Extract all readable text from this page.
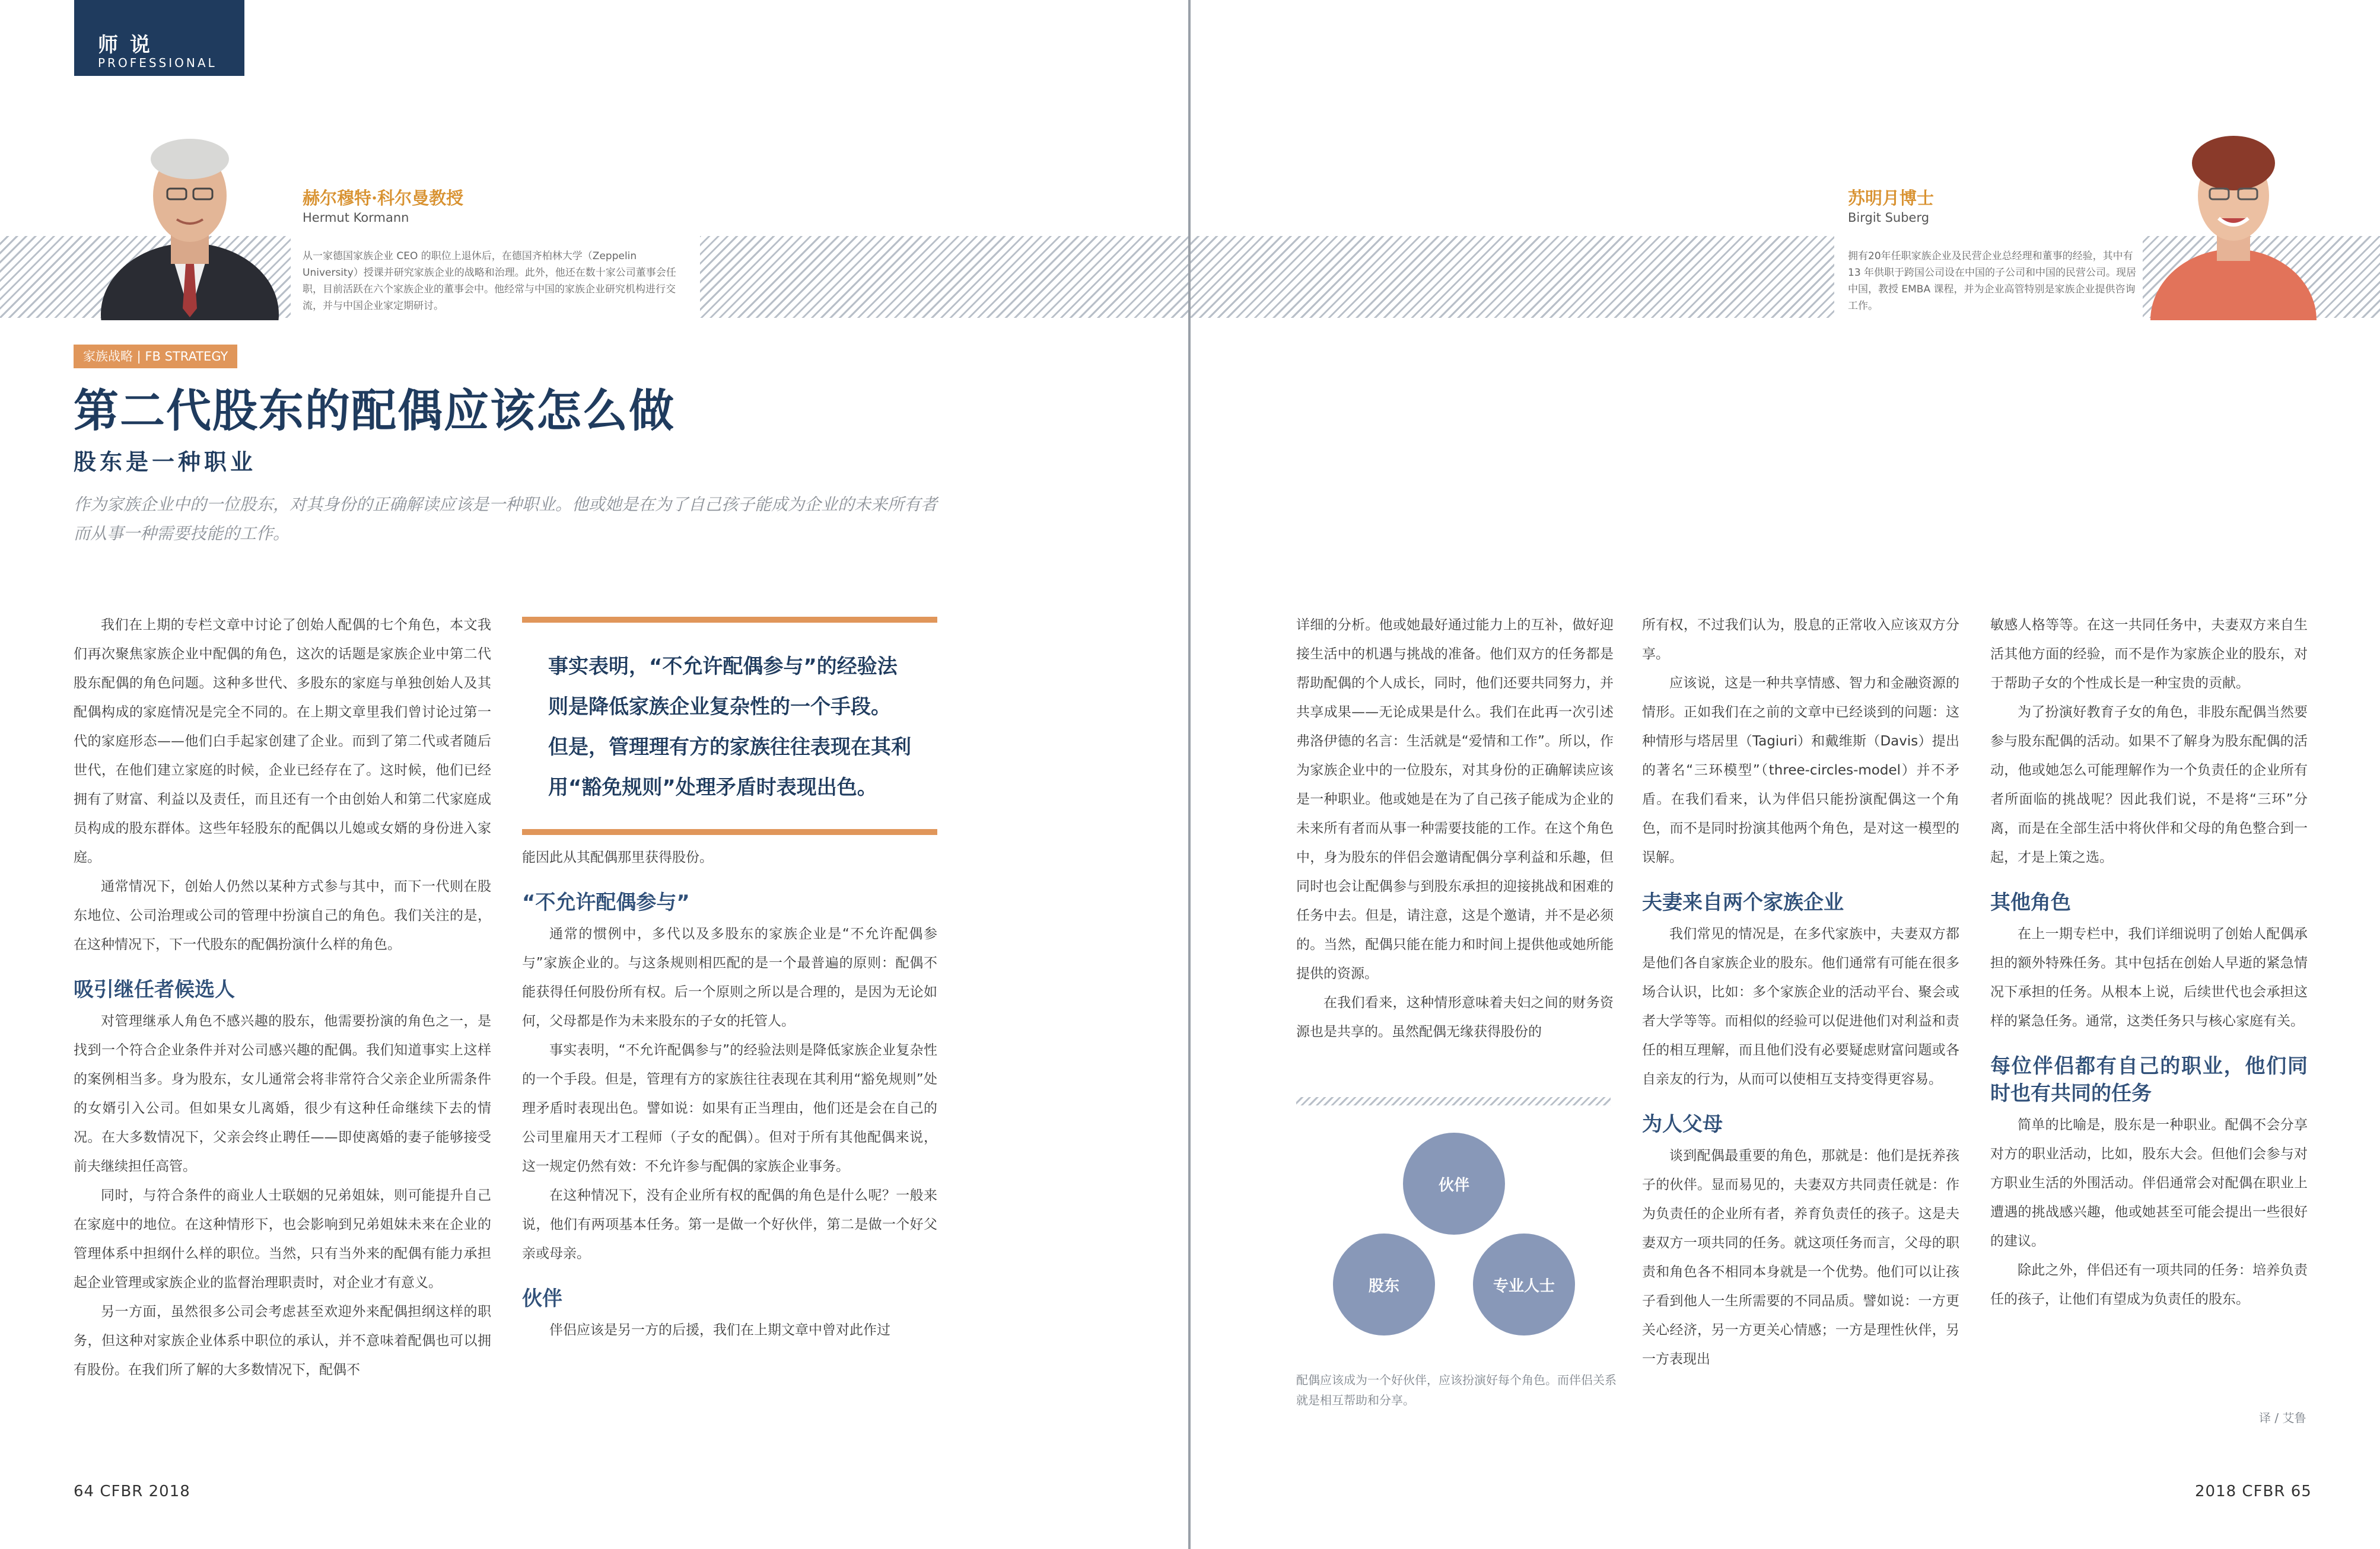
师 说
PROFESSIONAL
赫尔穆特·科尔曼教授
Hermut Kormann
从一家德国家族企业 CEO 的职位上退休后，在德国齐柏林大学（Zeppelin University）授课并研究家族企业的战略和治理。此外，他还在数十家公司董事会任职，目前活跃在六个家族企业的董事会中。他经常与中国的家族企业研究机构进行交流，并与中国企业家定期研讨。
苏明月博士
Birgit Suberg
拥有20年任职家族企业及民营企业总经理和董事的经验，其中有 13 年供职于跨国公司设在中国的子公司和中国的民营公司。现居中国，教授 EMBA 课程，并为企业高管特别是家族企业提供咨询工作。
家族战略 | FB STRATEGY
第二代股东的配偶应该怎么做
股东是一种职业
作为家族企业中的一位股东，对其身份的正确解读应该是一种职业。他或她是在为了自己孩子能成为企业的未来所有者而从事一种需要技能的工作。

我们在上期的专栏文章中讨论了创始人配偶的七个角色，本文我们再次聚焦家族企业中配偶的角色，这次的话题是家族企业中第二代股东配偶的角色问题。这种多世代、多股东的家庭与单独创始人及其配偶构成的家庭情况是完全不同的。在上期文章里我们曾讨论过第一代的家庭形态——他们白手起家创建了企业。而到了第二代或者随后世代，在他们建立家庭的时候，企业已经存在了。这时候，他们已经拥有了财富、利益以及责任，而且还有一个由创始人和第二代家庭成员构成的股东群体。这些年轻股东的配偶以儿媳或女婿的身份进入家庭。

通常情况下，创始人仍然以某种方式参与其中，而下一代则在股东地位、公司治理或公司的管理中扮演自己的角色。我们关注的是，在这种情况下，下一代股东的配偶扮演什么样的角色。

吸引继任者候选人

对管理继承人角色不感兴趣的股东，他需要扮演的角色之一，是找到一个符合企业条件并对公司感兴趣的配偶。我们知道事实上这样的案例相当多。身为股东，女儿通常会将非常符合父亲企业所需条件的女婿引入公司。但如果女儿离婚，很少有这种任命继续下去的情况。在大多数情况下，父亲会终止聘任——即使离婚的妻子能够接受前夫继续担任高管。

同时，与符合条件的商业人士联姻的兄弟姐妹，则可能提升自己在家庭中的地位。在这种情形下，也会影响到兄弟姐妹未来在企业的管理体系中担纲什么样的职位。当然，只有当外来的配偶有能力承担起企业管理或家族企业的监督治理职责时，对企业才有意义。

另一方面，虽然很多公司会考虑甚至欢迎外来配偶担纲这样的职务，但这种对家族企业体系中职位的承认，并不意味着配偶也可以拥有股份。在我们所了解的大多数情况下，配偶不

事实表明，“不允许配偶参与”的经验法
则是降低家族企业复杂性的一个手段。
但是，管理理有方的家族往往表现在其利
用“豁免规则”处理矛盾时表现出色。

能因此从其配偶那里获得股份。

“不允许配偶参与”

通常的惯例中，多代以及多股东的家族企业是“不允许配偶参与”家族企业的。与这条规则相匹配的是一个最普遍的原则：配偶不能获得任何股份所有权。后一个原则之所以是合理的，是因为无论如何，父母都是作为未来股东的子女的托管人。

事实表明，“不允许配偶参与”的经验法则是降低家族企业复杂性的一个手段。但是，管理有方的家族往往表现在其利用“豁免规则”处理矛盾时表现出色。譬如说：如果有正当理由，他们还是会在自己的公司里雇用天才工程师（子女的配偶）。但对于所有其他配偶来说，这一规定仍然有效：不允许参与配偶的家族企业事务。

在这种情况下，没有企业所有权的配偶的角色是什么呢？一般来说，他们有两项基本任务。第一是做一个好伙伴，第二是做一个好父亲或母亲。

伙伴

伴侣应该是另一方的后援，我们在上期文章中曾对此作过

详细的分析。他或她最好通过能力上的互补，做好迎接生活中的机遇与挑战的准备。他们双方的任务都是帮助配偶的个人成长，同时，他们还要共同努力，并共享成果——无论成果是什么。我们在此再一次引述弗洛伊德的名言：生活就是“爱情和工作”。所以，作为家族企业中的一位股东，对其身份的正确解读应该是一种职业。他或她是在为了自己孩子能成为企业的未来所有者而从事一种需要技能的工作。在这个角色中，身为股东的伴侣会邀请配偶分享利益和乐趣，但同时也会让配偶参与到股东承担的迎接挑战和困难的任务中去。但是，请注意，这是个邀请，并不是必须的。当然，配偶只能在能力和时间上提供他或她所能提供的资源。

在我们看来，这种情形意味着夫妇之间的财务资源也是共享的。虽然配偶无缘获得股份的

伙伴
股东	专业人士
配偶应该成为一个好伙伴，应该扮演好每个角色。而伴侣关系就是相互帮助和分享。

所有权，不过我们认为，股息的正常收入应该双方分享。

应该说，这是一种共享情感、智力和金融资源的情形。正如我们在之前的文章中已经谈到的问题：这种情形与塔居里（Tagiuri）和戴维斯（Davis）提出的著名“三环模型”（three-circles-model）并不矛盾。在我们看来，认为伴侣只能扮演配偶这一个角色，而不是同时扮演其他两个角色，是对这一模型的误解。

夫妻来自两个家族企业

我们常见的情况是，在多代家族中，夫妻双方都是他们各自家族企业的股东。他们通常有可能在很多场合认识，比如：多个家族企业的活动平台、聚会或者大学等等。而相似的经验可以促进他们对利益和责任的相互理解，而且他们没有必要疑虑财富问题或各自亲友的行为，从而可以使相互支持变得更容易。

为人父母

谈到配偶最重要的角色，那就是：他们是抚养孩子的伙伴。显而易见的，夫妻双方共同责任就是：作为负责任的企业所有者，养育负责任的孩子。这是夫妻双方一项共同的任务。就这项任务而言，父母的职责和角色各不相同本身就是一个优势。他们可以让孩子看到他人一生所需要的不同品质。譬如说：一方更关心经济，另一方更关心情感；一方是理性伙伴，另一方表现出

敏感人格等等。在这一共同任务中，夫妻双方来自生活其他方面的经验，而不是作为家族企业的股东，对于帮助子女的个性成长是一种宝贵的贡献。

为了扮演好教育子女的角色，非股东配偶当然要参与股东配偶的活动。如果不了解身为股东配偶的活动，他或她怎么可能理解作为一个负责任的企业所有者所面临的挑战呢？因此我们说，不是将“三环”分离，而是在全部生活中将伙伴和父母的角色整合到一起，才是上策之选。

其他角色

在上一期专栏中，我们详细说明了创始人配偶承担的额外特殊任务。其中包括在创始人早逝的紧急情况下承担的任务。从根本上说，后续世代也会承担这样的紧急任务。通常，这类任务只与核心家庭有关。

每位伴侣都有自己的职业，他们同时也有共同的任务

简单的比喻是，股东是一种职业。配偶不会分享对方的职业活动，比如，股东大会。但他们会参与对方职业生活的外围活动。伴侣通常会对配偶在职业上遭遇的挑战感兴趣，他或她甚至可能会提出一些很好的建议。

除此之外，伴侣还有一项共同的任务：培养负责任的孩子，让他们有望成为负责任的股东。

译 / 艾鲁
64 CFBR 2018	2018 CFBR 65
